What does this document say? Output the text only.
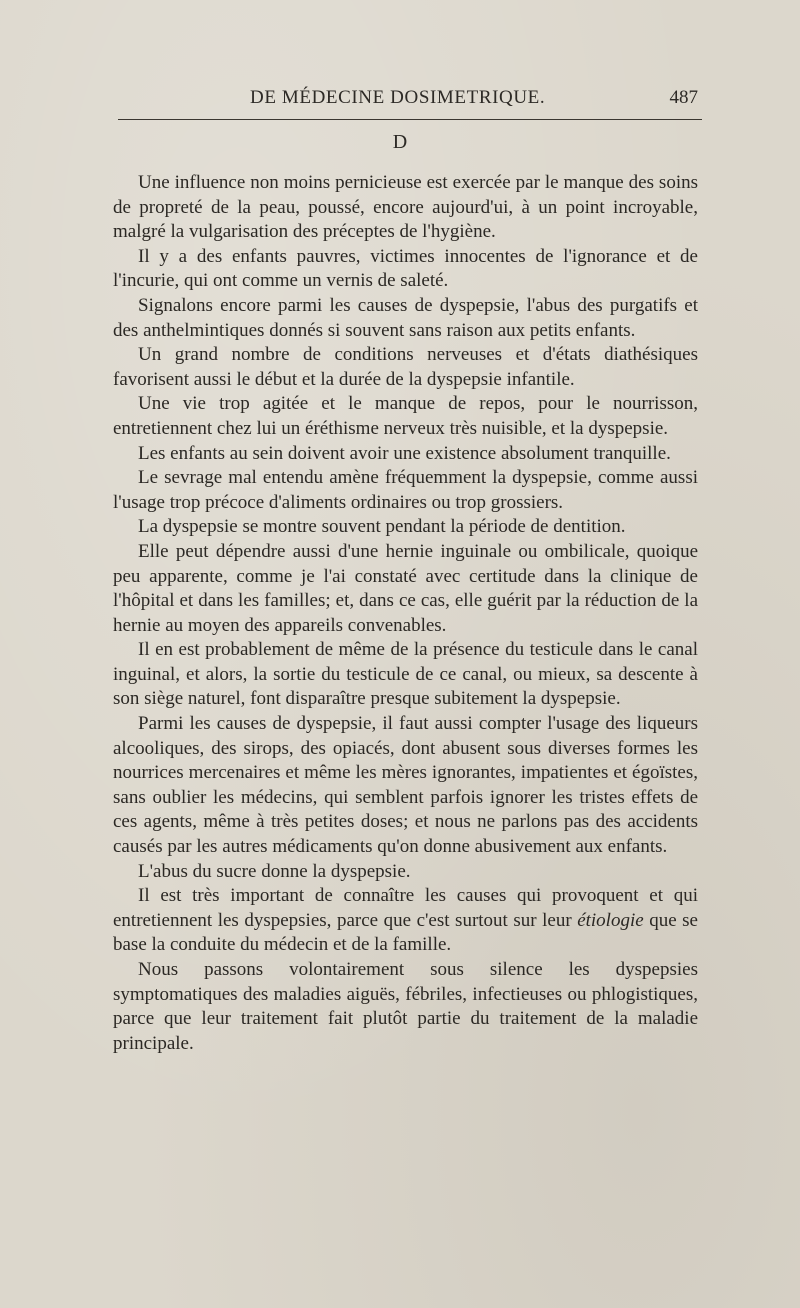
DE MÉDECINE DOSIMETRIQUE.	487
D

Une influence non moins pernicieuse est exercée par le manque des soins de propreté de la peau, poussé, encore aujourd'ui, à un point incroyable, malgré la vulgarisation des préceptes de l'hygiène.

Il y a des enfants pauvres, victimes innocentes de l'ignorance et de l'incurie, qui ont comme un vernis de saleté.

Signalons encore parmi les causes de dyspepsie, l'abus des purgatifs et des anthelmintiques donnés si souvent sans raison aux petits enfants.

Un grand nombre de conditions nerveuses et d'états diathésiques favorisent aussi le début et la durée de la dyspepsie infantile.

Une vie trop agitée et le manque de repos, pour le nourrisson, entretiennent chez lui un éréthisme nerveux très nuisible, et la dyspepsie.

Les enfants au sein doivent avoir une existence absolument tranquille.

Le sevrage mal entendu amène fréquemment la dyspepsie, comme aussi l'usage trop précoce d'aliments ordinaires ou trop grossiers.

La dyspepsie se montre souvent pendant la période de dentition.

Elle peut dépendre aussi d'une hernie inguinale ou ombilicale, quoique peu apparente, comme je l'ai constaté avec certitude dans la clinique de l'hôpital et dans les familles; et, dans ce cas, elle guérit par la réduction de la hernie au moyen des appareils convenables.

Il en est probablement de même de la présence du testicule dans le canal inguinal, et alors, la sortie du testicule de ce canal, ou mieux, sa descente à son siège naturel, font disparaître presque subitement la dyspepsie.

Parmi les causes de dyspepsie, il faut aussi compter l'usage des liqueurs alcooliques, des sirops, des opiacés, dont abusent sous diverses formes les nourrices mercenaires et même les mères ignorantes, impatientes et égoïstes, sans oublier les médecins, qui semblent parfois ignorer les tristes effets de ces agents, même à très petites doses; et nous ne parlons pas des accidents causés par les autres médicaments qu'on donne abusivement aux enfants.

L'abus du sucre donne la dyspepsie.

Il est très important de connaître les causes qui provoquent et qui entretiennent les dyspepsies, parce que c'est surtout sur leur étiologie que se base la conduite du médecin et de la famille.

Nous passons volontairement sous silence les dyspepsies symptomatiques des maladies aiguës, fébriles, infectieuses ou phlogistiques, parce que leur traitement fait plutôt partie du traitement de la maladie principale.
